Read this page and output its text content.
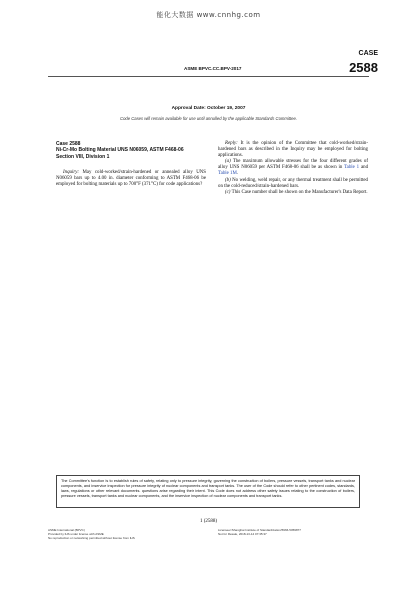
能化大数据 www.cnnhg.com
CASE
2588
ASME BPVC.CC.BPV-2017
Approval Date: October 19, 2007
Code Cases will remain available for use until annulled by the applicable Standards Committee.
Case 2588
Ni-Cr-Mo Bolting Material UNS N06059, ASTM F468-06
Section VIII, Division 1

Inquiry: May cold-worked/strain-hardened or annealed alloy UNS N06059 bars up to 4.00 in. diameter conforming to ASTM F468-06 be employed for bolting materials up to 700°F (371°C) for code applications?

Reply: It is the opinion of the Committee that cold-worked/strain-hardened bars as described in the Inquiry may be employed for bolting applications.

(a) The maximum allowable stresses for the four different grades of alloy UNS N06059 per ASTM F468-06 shall be as shown in Table 1 and Table 1M.

(b) No welding, weld repair, or any thermal treatment shall be permitted on the cold-reduced/strain-hardened bars.

(c) This Case number shall be shown on the Manufacturer's Data Report.

The Committee's function is to establish rules of safety, relating only to pressure integrity, governing the construction of boilers, pressure vessels, transport tanks and nuclear components, and inservice inspection for pressure integrity of nuclear components and transport tanks. The user of the Code should refer to other pertinent codes, standards, laws, regulations or other relevant documents. questions arise regarding their intent. This Code does not address other safety issues relating to the construction of boilers, pressure vessels, transport tanks and nuclear components, and the inservice inspection of nuclear components and transport tanks.
1 (2588)
ASME International (BPVC)
Provided by IHS under license with ASME
No reproduction or networking permitted without license from IHS
Licensee=Shanghai Institute of Standardization/5966-5059877
Not for Resale, 2018-13-14 07:35:37
